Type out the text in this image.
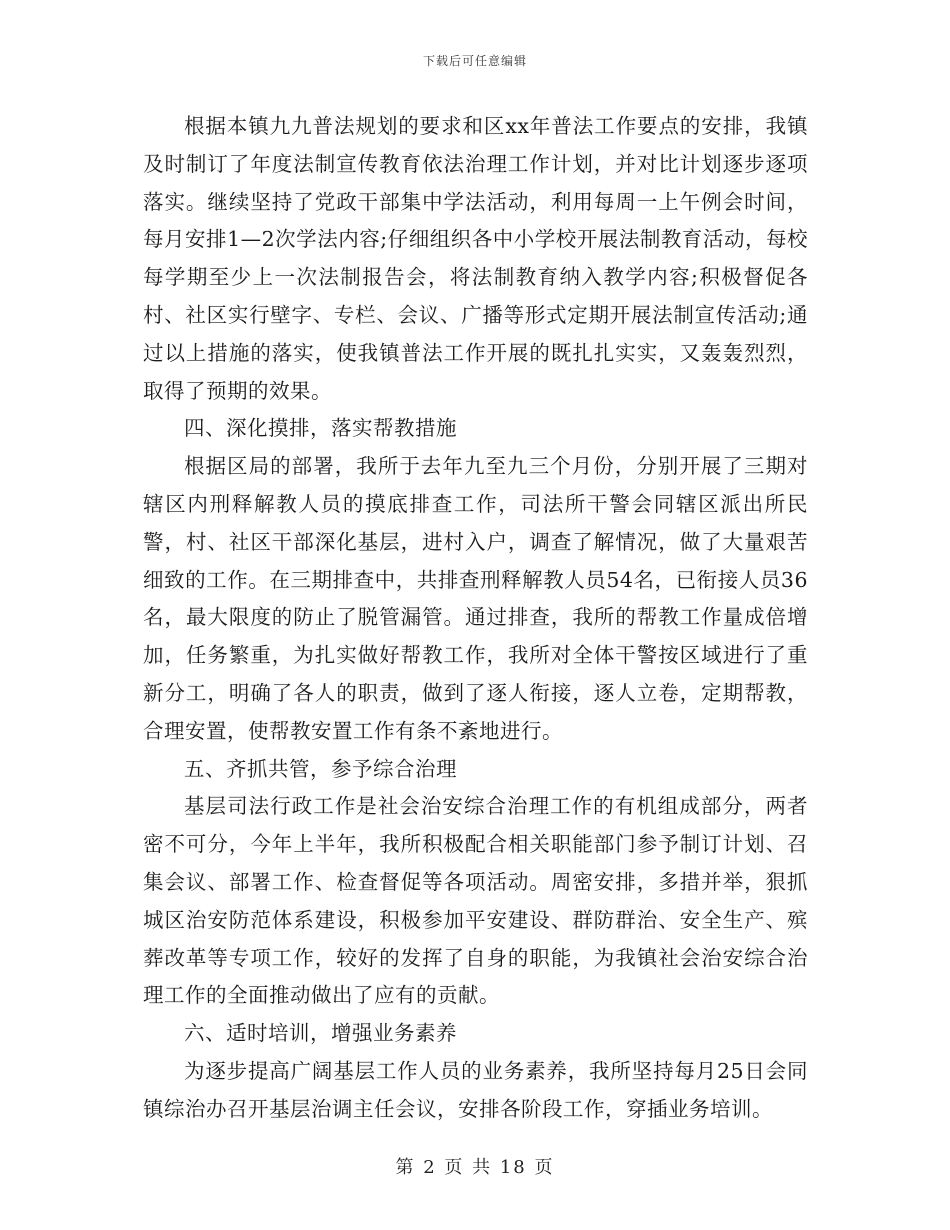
下载后可任意编辑

根据本镇九九普法规划的要求和区xx年普法工作要点的安排，我镇及时制订了年度法制宣传教育依法治理工作计划，并对比计划逐步逐项落实。继续坚持了党政干部集中学法活动，利用每周一上午例会时间，每月安排1—2次学法内容;仔细组织各中小学校开展法制教育活动，每校每学期至少上一次法制报告会，将法制教育纳入教学内容;积极督促各村、社区实行壁字、专栏、会议、广播等形式定期开展法制宣传活动;通过以上措施的落实，使我镇普法工作开展的既扎扎实实，又轰轰烈烈，取得了预期的效果。

四、深化摸排，落实帮教措施

根据区局的部署，我所于去年九至九三个月份，分别开展了三期对辖区内刑释解教人员的摸底排查工作，司法所干警会同辖区派出所民警，村、社区干部深化基层，进村入户，调查了解情况，做了大量艰苦细致的工作。在三期排查中，共排查刑释解教人员54名，已衔接人员36名，最大限度的防止了脱管漏管。通过排查，我所的帮教工作量成倍增加，任务繁重，为扎实做好帮教工作，我所对全体干警按区域进行了重新分工，明确了各人的职责，做到了逐人衔接，逐人立卷，定期帮教，合理安置，使帮教安置工作有条不紊地进行。

五、齐抓共管，参予综合治理

基层司法行政工作是社会治安综合治理工作的有机组成部分，两者密不可分，今年上半年，我所积极配合相关职能部门参予制订计划、召集会议、部署工作、检查督促等各项活动。周密安排，多措并举，狠抓城区治安防范体系建设，积极参加平安建设、群防群治、安全生产、殡葬改革等专项工作，较好的发挥了自身的职能，为我镇社会治安综合治理工作的全面推动做出了应有的贡献。

六、适时培训，增强业务素养

为逐步提高广阔基层工作人员的业务素养，我所坚持每月25日会同镇综治办召开基层治调主任会议，安排各阶段工作，穿插业务培训。

第 2 页 共 18 页
